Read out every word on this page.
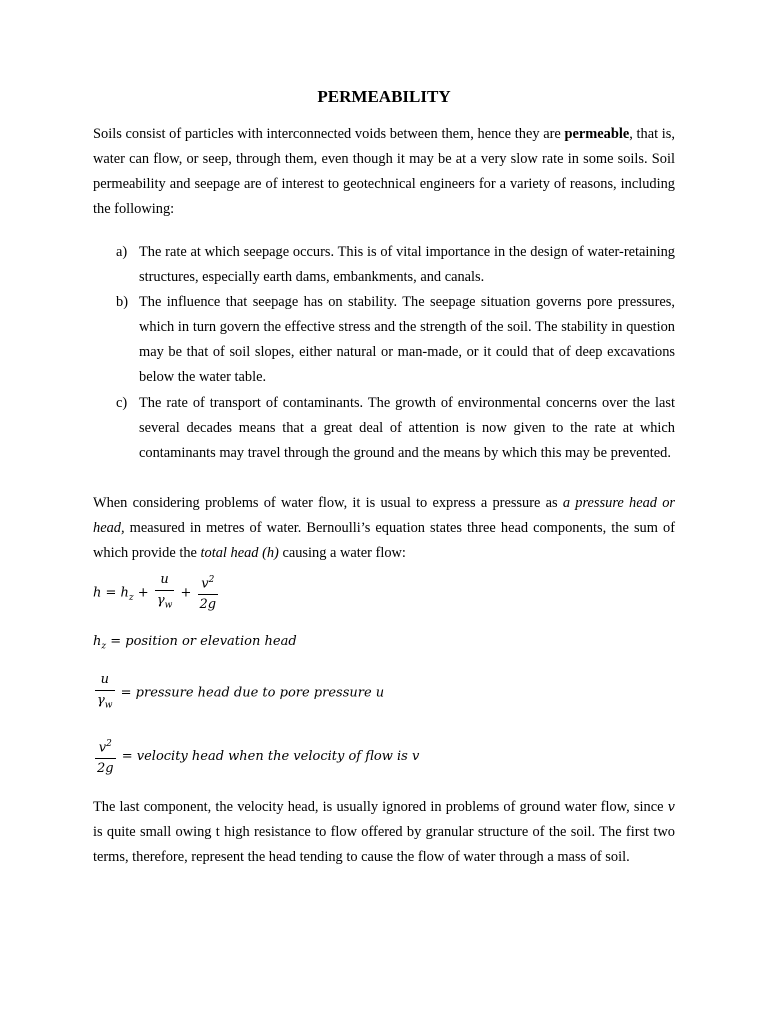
PERMEABILITY
Soils consist of particles with interconnected voids between them, hence they are permeable, that is, water can flow, or seep, through them, even though it may be at a very slow rate in some soils. Soil permeability and seepage are of interest to geotechnical engineers for a variety of reasons, including the following:
a) The rate at which seepage occurs. This is of vital importance in the design of water-retaining structures, especially earth dams, embankments, and canals.
b) The influence that seepage has on stability. The seepage situation governs pore pressures, which in turn govern the effective stress and the strength of the soil. The stability in question may be that of soil slopes, either natural or man-made, or it could that of deep excavations below the water table.
c) The rate of transport of contaminants. The growth of environmental concerns over the last several decades means that a great deal of attention is now given to the rate at which contaminants may travel through the ground and the means by which this may be prevented.
When considering problems of water flow, it is usual to express a pressure as a pressure head or head, measured in metres of water. Bernoulli’s equation states three head components, the sum of which provide the total head (h) causing a water flow:
$h = h_z + \frac{u}{\gamma_w} + \frac{v^2}{2g}$
$h_z$ = position or elevation head
$\frac{u}{\gamma_w}$ = pressure head due to pore pressure u
$\frac{v^2}{2g}$ = velocity head when the velocity of flow is v
The last component, the velocity head, is usually ignored in problems of ground water flow, since v is quite small owing t high resistance to flow offered by granular structure of the soil. The first two terms, therefore, represent the head tending to cause the flow of water through a mass of soil.
